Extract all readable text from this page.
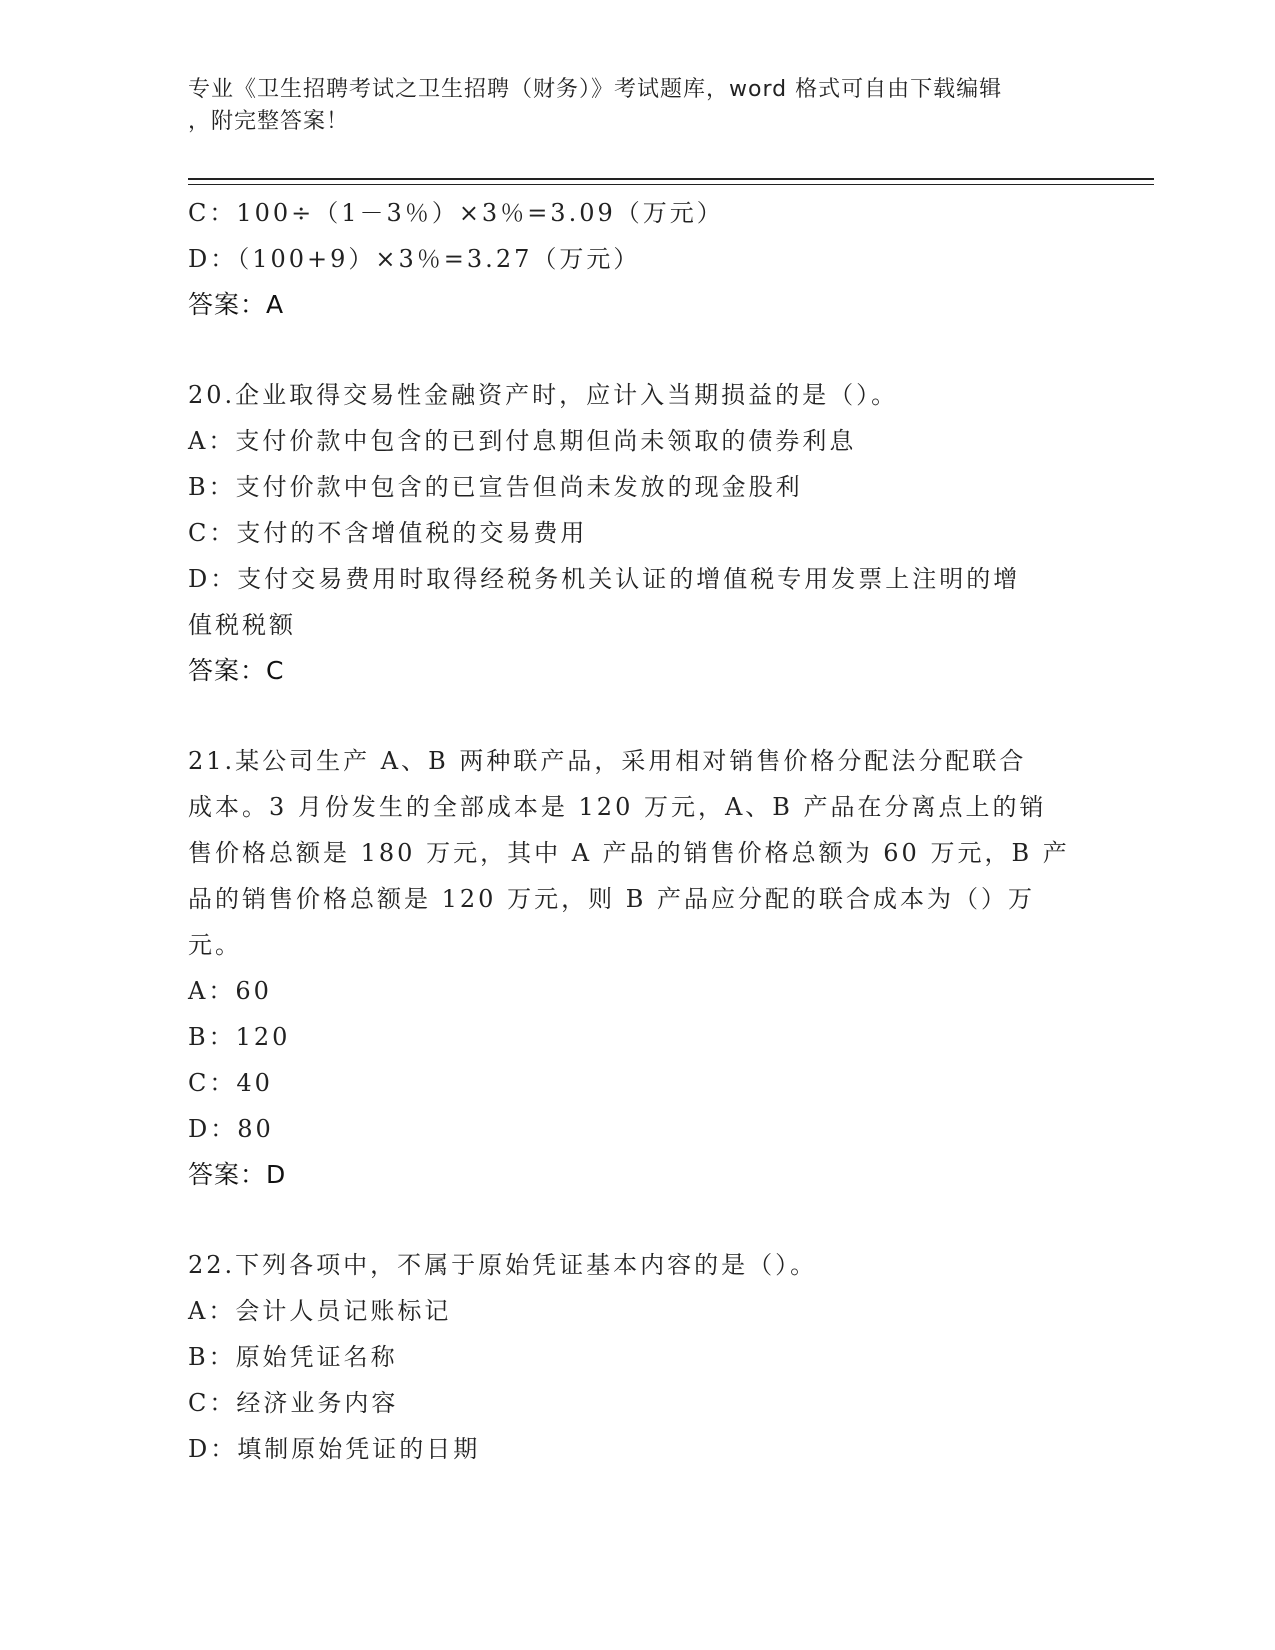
专业《卫生招聘考试之卫生招聘（财务）》考试题库，word 格式可自由下载编辑
，附完整答案！

C：100÷（1－3％）×3％=3.09（万元）

D：（100+9）×3％=3.27（万元）

答案：A

20.企业取得交易性金融资产时，应计入当期损益的是（）。

A：支付价款中包含的已到付息期但尚未领取的债券利息

B：支付价款中包含的已宣告但尚未发放的现金股利

C：支付的不含增值税的交易费用

D：支付交易费用时取得经税务机关认证的增值税专用发票上注明的增

值税税额

答案：C

21.某公司生产 A、B 两种联产品，采用相对销售价格分配法分配联合

成本。3 月份发生的全部成本是 120 万元，A、B 产品在分离点上的销

售价格总额是 180 万元，其中 A 产品的销售价格总额为 60 万元，B 产

品的销售价格总额是 120 万元，则 B 产品应分配的联合成本为（）万

元。

A：60

B：120

C：40

D：80

答案：D

22.下列各项中，不属于原始凭证基本内容的是（）。

A：会计人员记账标记

B：原始凭证名称

C：经济业务内容

D：填制原始凭证的日期
